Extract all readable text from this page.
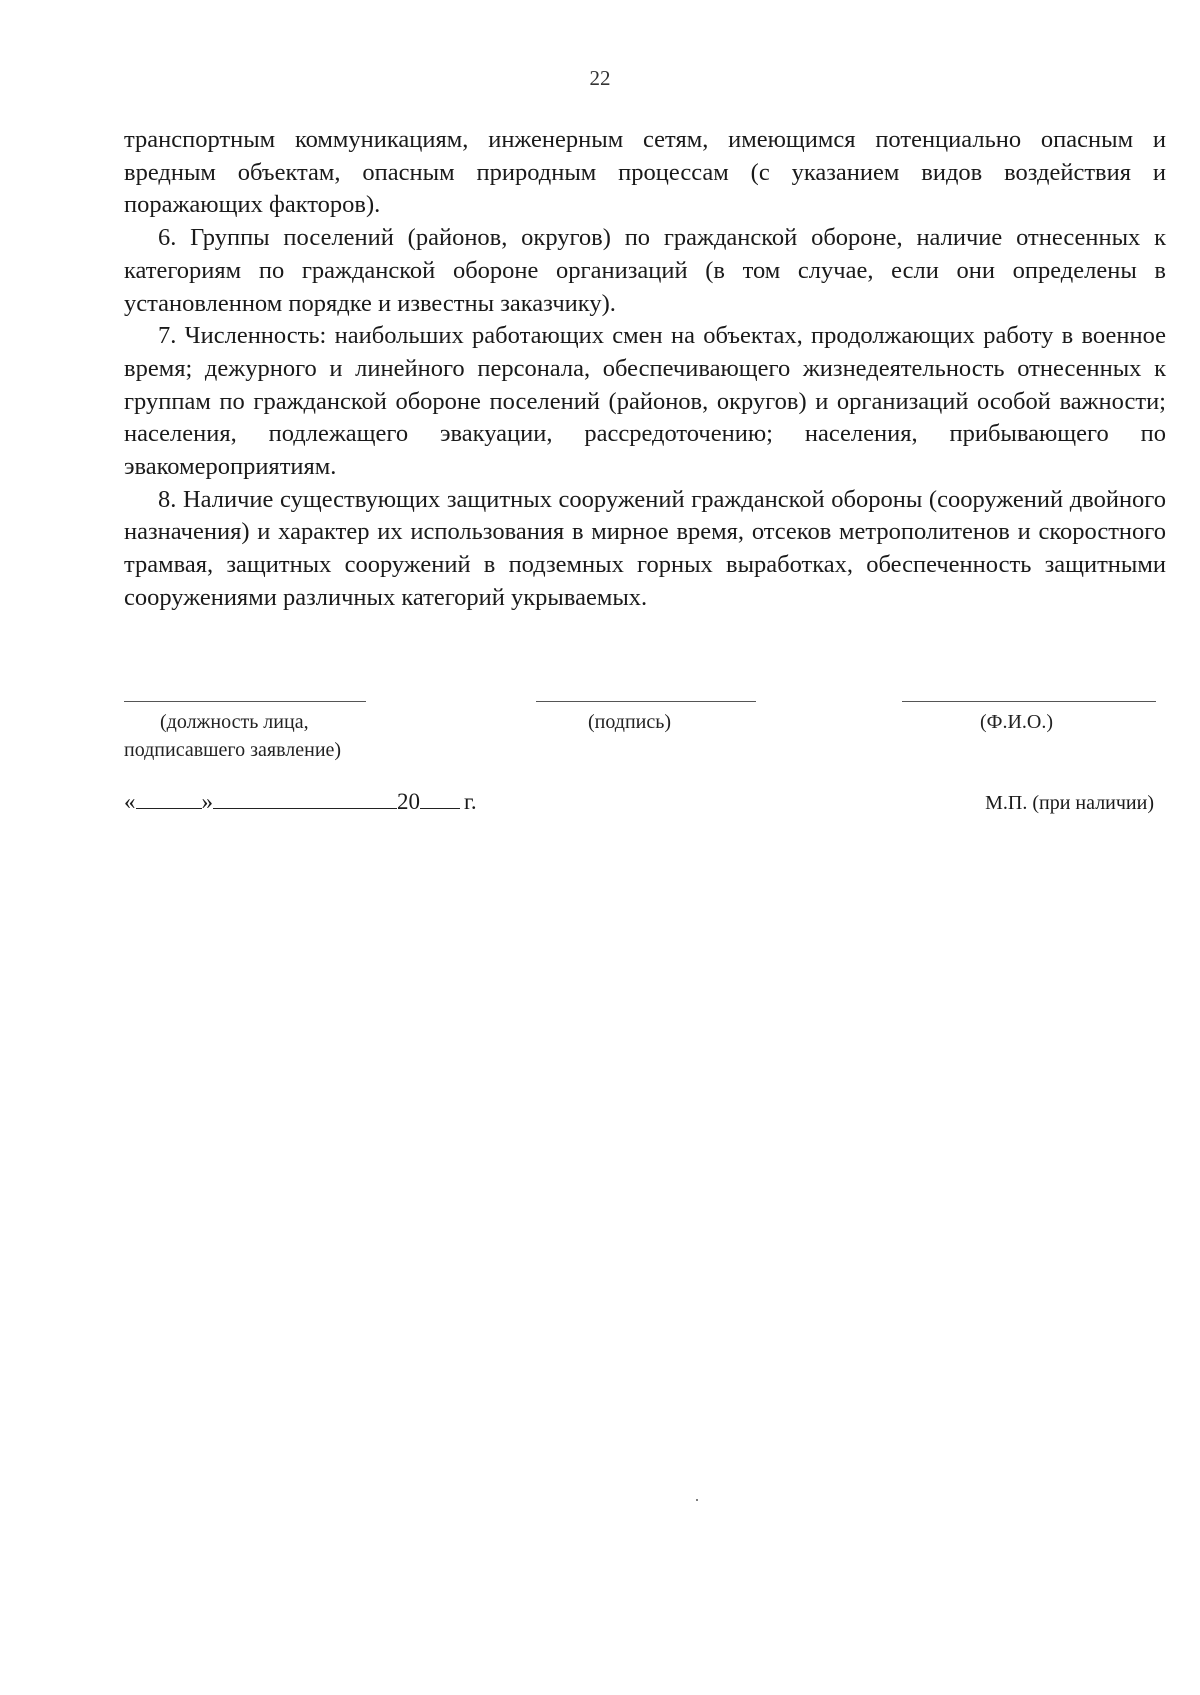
22

транспортным коммуникациям, инженерным сетям, имеющимся потенциально опасным и вредным объектам, опасным природным процессам (с указанием видов воздействия и поражающих факторов).

6. Группы поселений (районов, округов) по гражданской обороне, наличие отнесенных к категориям по гражданской обороне организаций (в том случае, если они определены в установленном порядке и известны заказчику).

7. Численность: наибольших работающих смен на объектах, продолжающих работу в военное время; дежурного и линейного персонала, обеспечивающего жизнедеятельность отнесенных к группам по гражданской обороне поселений (районов, округов) и организаций особой важности; населения, подлежащего эвакуации, рассредоточению; населения, прибывающего по эвакомероприятиям.

8. Наличие существующих защитных сооружений гражданской обороны (сооружений двойного назначения) и характер их использования в мирное время, отсеков метрополитенов и скоростного трамвая, защитных сооружений в подземных горных выработках, обеспеченность защитными сооружениями различных категорий укрываемых.

(должность лица,
подписавшего заявление)
(подпись)	(Ф.И.О.)
«	»	20 г.	М.П. (при наличии)
